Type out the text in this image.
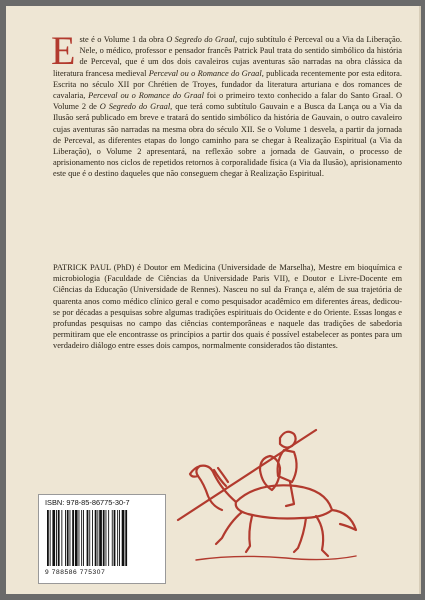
Este é o Volume 1 da obra O Segredo do Graal, cujo subtítulo é Perceval ou a Via da Liberação. Nele, o médico, professor e pensador francês Patrick Paul trata do sentido simbólico da história de Perceval, que é um dos dois cavaleiros cujas aventuras são narradas na obra clássica da literatura francesa medieval Perceval ou o Romance do Graal, publicada recentemente por esta editora. Escrita no século XII por Chrétien de Troyes, fundador da literatura arturiana e dos romances de cavalaria, Perceval ou o Romance do Graal foi o primeiro texto conhecido a falar do Santo Graal. O Volume 2 de O Segredo do Graal, que terá como subtítulo Gauvain e a Busca da Lança ou a Via da Ilusão será publicado em breve e tratará do sentido simbólico da história de Gauvain, o outro cavaleiro cujas aventuras são narradas na mesma obra do século XII. Se o Volume 1 desvela, a partir da jornada de Perceval, as diferentes etapas do longo caminho para se chegar à Realização Espiritual (a Via da Liberação), o Volume 2 apresentará, na reflexão sobre a jornada de Gauvain, o processo de aprisionamento nos ciclos de repetidos retornos à corporalidade física (a Via da Ilusão), aprisionamento este que é o destino daqueles que não conseguem chegar à Realização Espiritual.

PATRICK PAUL (PhD) é Doutor em Medicina (Universidade de Marselha), Mestre em bioquímica e microbiologia (Faculdade de Ciências da Universidade Paris VII), e Doutor e Livre-Docente em Ciências da Educação (Universidade de Rennes). Nasceu no sul da França e, além de sua trajetória de quarenta anos como médico clínico geral e como pesquisador acadêmico em diferentes áreas, dedicou-se por décadas a pesquisas sobre algumas tradições espirituais do Ocidente e do Oriente. Essas longas e profundas pesquisas no campo das ciências contemporâneas e naquele das tradições de sabedoria permitiram que ele encontrasse os princípios a partir dos quais é possível estabelecer as pontes para um verdadeiro diálogo entre esses dois campos, normalmente considerados tão distantes.

ISBN: 978-85-86775-30-7
9 788586 775307
